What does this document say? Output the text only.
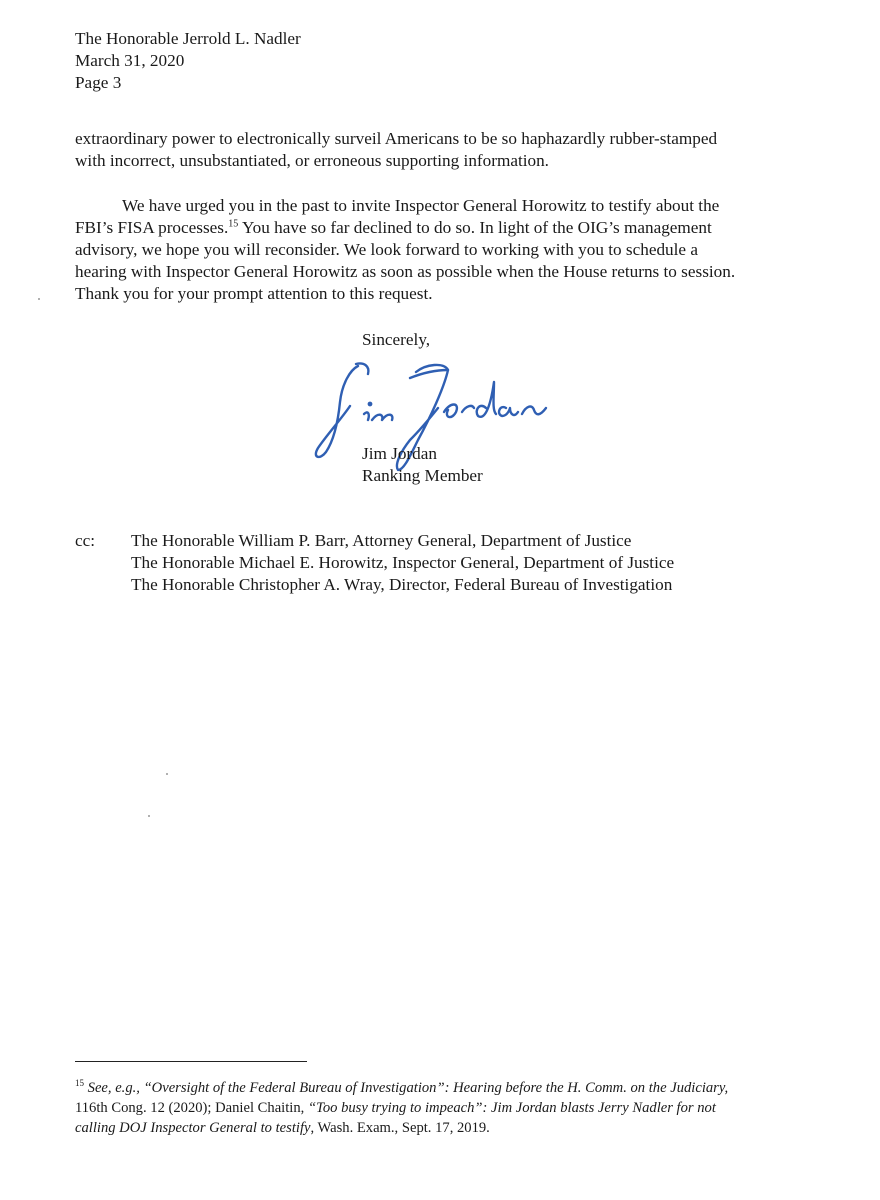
The Honorable Jerrold L. Nadler
March 31, 2020
Page 3
extraordinary power to electronically surveil Americans to be so haphazardly rubber-stamped
with incorrect, unsubstantiated, or erroneous supporting information.
We have urged you in the past to invite Inspector General Horowitz to testify about the
FBI’s FISA processes.$^{15}$ You have so far declined to do so. In light of the OIG’s management
advisory, we hope you will reconsider. We look forward to working with you to schedule a
hearing with Inspector General Horowitz as soon as possible when the House returns to session.
Thank you for your prompt attention to this request.
Sincerely,
Jim Jordan
Ranking Member
cc: The Honorable William P. Barr, Attorney General, Department of Justice
The Honorable Michael E. Horowitz, Inspector General, Department of Justice
The Honorable Christopher A. Wray, Director, Federal Bureau of Investigation
$^{15}$ See, e.g., “Oversight of the Federal Bureau of Investigation”: Hearing before the H. Comm. on the Judiciary,
116th Cong. 12 (2020); Daniel Chaitin, “Too busy trying to impeach”: Jim Jordan blasts Jerry Nadler for not
calling DOJ Inspector General to testify, Wash. Exam., Sept. 17, 2019.
